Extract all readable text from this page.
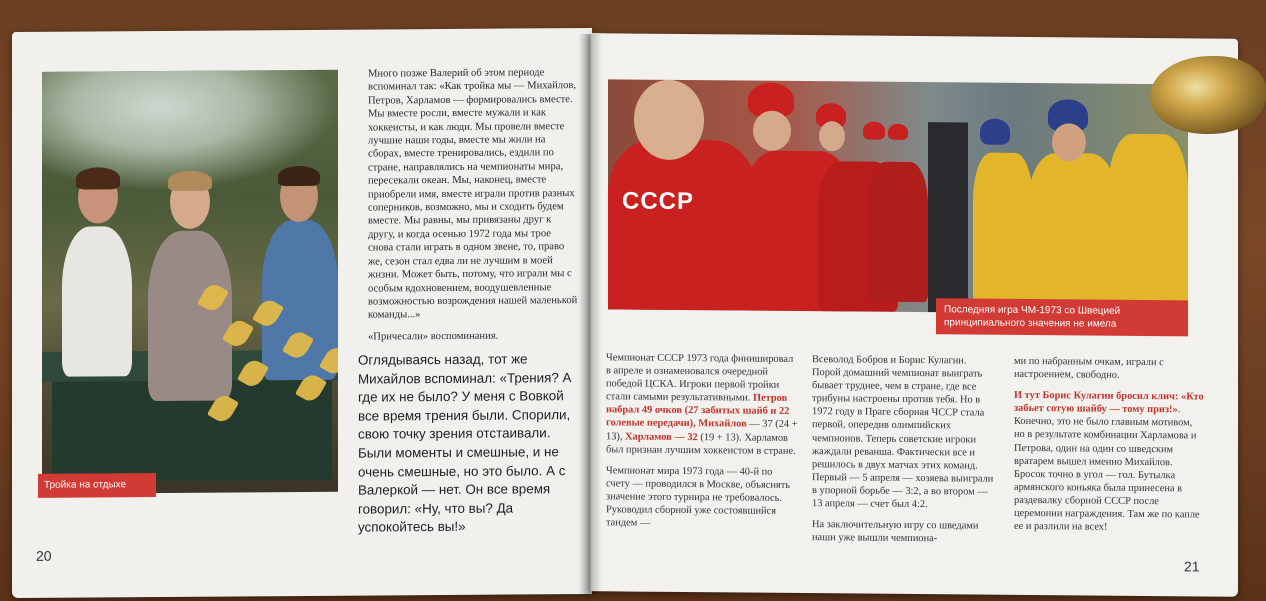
Тройка на отдыхе

Много позже Валерий об этом периоде вспоминал так: «Как тройка мы — Михайлов, Петров, Харламов — формировались вместе. Мы вместе росли, вместе мужали и как хоккеисты, и как люди. Мы провели вместе лучшие наши годы, вместе мы жили на сборах, вместе тренировались, ездили по стране, направлялись на чемпионаты мира, пересекали океан. Мы, наконец, вместе приобрели имя, вместе играли против разных соперников, возможно, мы и сходить будем вместе. Мы равны, мы привязаны друг к другу, и когда осенью 1972 года мы трое снова стали играть в одном звене, то, право же, сезон стал едва ли не лучшим в моей жизни. Может быть, потому, что играли мы с особым вдохновением, воодушевленные возможностью возрождения нашей маленькой команды...»

«Причесали» воспоминания.

Оглядываясь назад, тот же Михайлов вспоминал: «Трения? А где их не было? У меня с Вовкой все время трения были. Спорили, свою точку зрения отстаивали. Были моменты и смешные, и не очень смешные, но это было. А с Валеркой — нет. Он все время говорил: «Ну, что вы? Да успокойтесь вы!»
20
СССР
Последняя игра ЧМ-1973 со Швецией принципиального значения не имела

Чемпионат СССР 1973 года финишировал в апреле и ознаменовался очередной победой ЦСКА. Игроки первой тройки стали самыми результативными. Петров набрал 49 очков (27 забитых шайб и 22 голевые передачи), Михайлов — 37 (24 + 13), Харламов — 32 (19 + 13). Харламов был признан лучшим хоккеистом в стране.

Чемпионат мира 1973 года — 40-й по счету — проводился в Москве, объяснять значение этого турнира не требовалось. Руководил сборной уже состоявшийся тандем —

Всеволод Бобров и Борис Кулагин. Порой домашний чемпионат выиграть бывает труднее, чем в стране, где все трибуны настроены против тебя. Но в 1972 году в Праге сборная ЧССР стала первой, опередив олимпийских чемпионов. Теперь советские игроки жаждали реванша. Фактически все и решилось в двух матчах этих команд. Первый — 5 апреля — хозяева выиграли в упорной борьбе — 3:2, а во втором — 13 апреля — счет был 4:2.

На заключительную игру со шведами наши уже вышли чемпиона-

ми по набранным очкам, играли с настроением, свободно.

И тут Борис Кулагин бросил клич: «Кто забьет сотую шайбу — тому приз!». Конечно, это не было главным мотивом, но в результате комбинации Харламова и Петрова, один на один со шведским вратарем вышел именно Михайлов. Бросок точно в угол — гол. Бутылка армянского коньяка была принесена в раздевалку сборной СССР после церемонии награждения. Там же по капле ее и разлили на всех!

21
